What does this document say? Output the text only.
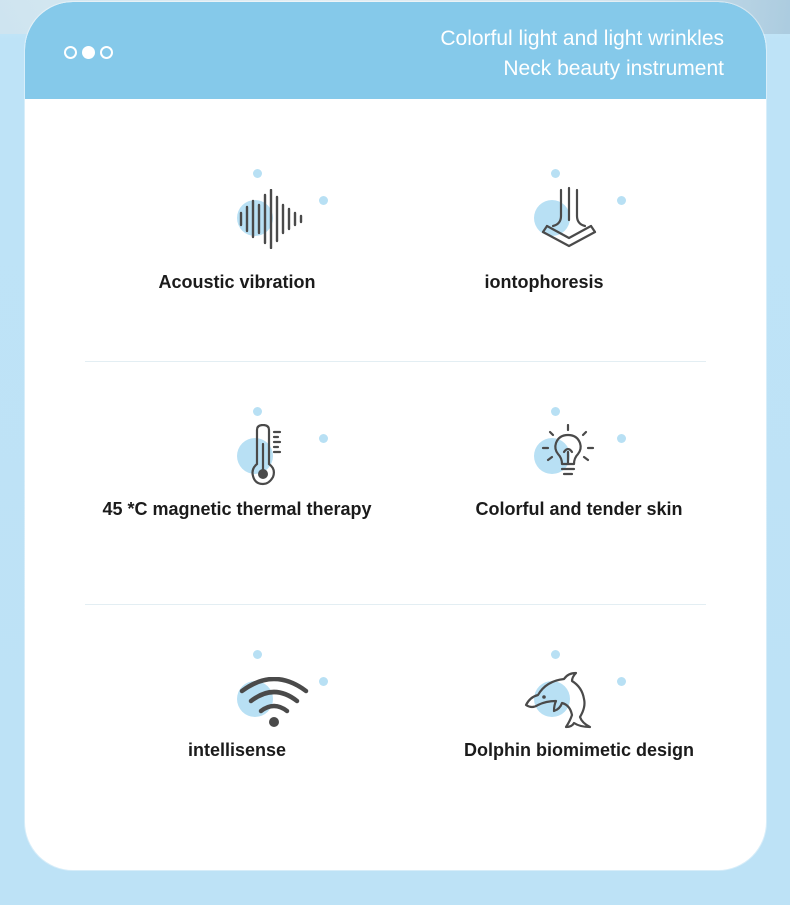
Colorful light and light wrinkles
Neck beauty instrument
Acoustic vibration	iontophoresis
45 *C magnetic thermal therapy	Colorful and tender skin
intellisense	Dolphin biomimetic design
